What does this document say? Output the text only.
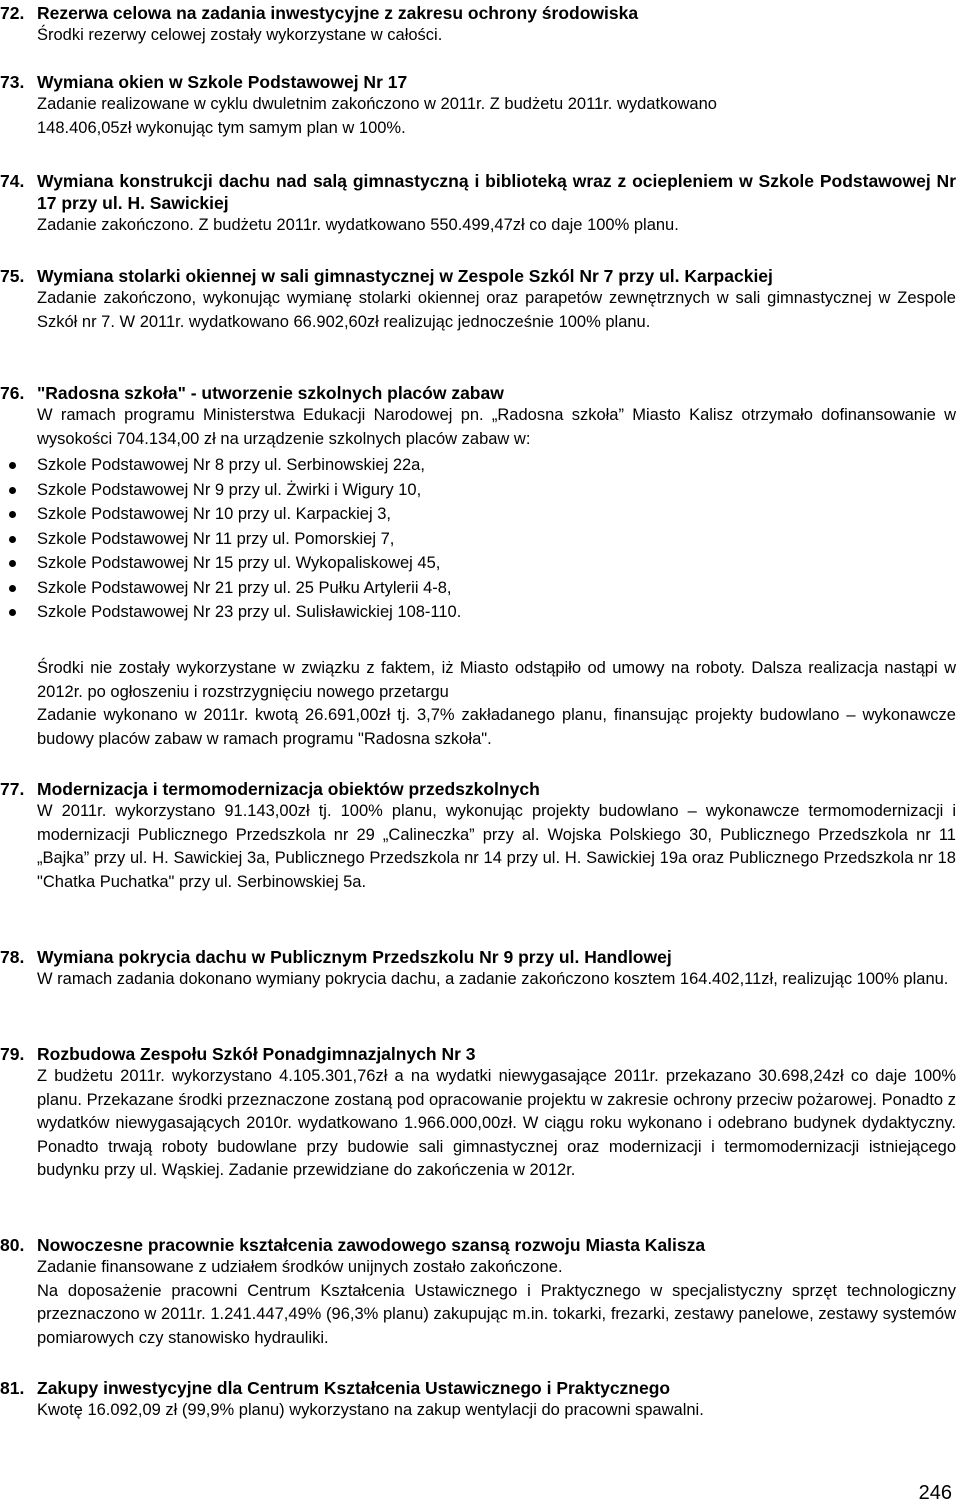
72. Rezerwa celowa na zadania inwestycyjne z zakresu ochrony środowiska
Środki rezerwy celowej zostały wykorzystane w całości.
73. Wymiana okien w Szkole Podstawowej Nr 17
Zadanie realizowane w cyklu dwuletnim zakończono w 2011r. Z budżetu 2011r. wydatkowano 148.406,05zł wykonując tym samym plan w 100%.
74. Wymiana konstrukcji dachu nad salą gimnastyczną i biblioteką wraz z ociepleniem w Szkole Podstawowej Nr 17 przy ul. H. Sawickiej
Zadanie zakończono. Z budżetu 2011r. wydatkowano 550.499,47zł co daje 100% planu.
75. Wymiana stolarki okiennej w sali gimnastycznej w Zespole Szkól Nr 7 przy ul. Karpackiej
Zadanie zakończono, wykonując wymianę stolarki okiennej oraz parapetów zewnętrznych w sali gimnastycznej w Zespole Szkół nr 7. W 2011r. wydatkowano 66.902,60zł realizując jednocześnie 100% planu.
76. "Radosna szkoła" - utworzenie szkolnych placów zabaw
W ramach programu Ministerstwa Edukacji Narodowej pn. „Radosna szkoła” Miasto Kalisz otrzymało dofinansowanie w wysokości 704.134,00 zł na urządzenie szkolnych placów zabaw w:
Szkole Podstawowej Nr 8 przy ul. Serbinowskiej 22a,
Szkole Podstawowej Nr 9 przy ul. Żwirki i Wigury 10,
Szkole Podstawowej Nr 10 przy ul. Karpackiej 3,
Szkole Podstawowej Nr 11 przy ul. Pomorskiej 7,
Szkole Podstawowej Nr 15 przy ul. Wykopaliskowej 45,
Szkole Podstawowej Nr 21 przy ul. 25 Pułku Artylerii 4-8,
Szkole Podstawowej Nr 23 przy ul. Sulisławickiej 108-110.
Środki nie zostały wykorzystane w związku z faktem, iż Miasto odstąpiło od umowy na roboty. Dalsza realizacja nastąpi w 2012r. po ogłoszeniu i rozstrzygnięciu nowego przetargu
Zadanie wykonano w 2011r. kwotą 26.691,00zł tj. 3,7% zakładanego planu, finansując projekty budowlano – wykonawcze budowy placów zabaw w ramach programu "Radosna szkoła".
77. Modernizacja i termomodernizacja obiektów przedszkolnych
W 2011r. wykorzystano 91.143,00zł tj. 100% planu, wykonując projekty budowlano – wykonawcze termomodernizacji i modernizacji Publicznego Przedszkola nr 29 „Calineczka” przy al. Wojska Polskiego 30, Publicznego Przedszkola nr 11 „Bajka” przy ul. H. Sawickiej 3a, Publicznego Przedszkola nr 14 przy ul. H. Sawickiej 19a oraz Publicznego Przedszkola nr 18 "Chatka Puchatka" przy ul. Serbinowskiej 5a.
78. Wymiana pokrycia dachu w Publicznym Przedszkolu Nr 9 przy ul. Handlowej
W ramach zadania dokonano wymiany pokrycia dachu, a zadanie zakończono kosztem 164.402,11zł, realizując 100% planu.
79. Rozbudowa Zespołu Szkół Ponadgimnazjalnych Nr 3
Z budżetu 2011r. wykorzystano 4.105.301,76zł a na wydatki niewygasające 2011r. przekazano 30.698,24zł co daje 100% planu. Przekazane środki przeznaczone zostaną pod opracowanie projektu w zakresie ochrony przeciw pożarowej. Ponadto z wydatków niewygasających 2010r. wydatkowano 1.966.000,00zł. W ciągu roku wykonano i odebrano budynek dydaktyczny. Ponadto trwają roboty budowlane przy budowie sali gimnastycznej oraz modernizacji i termomodernizacji istniejącego budynku przy ul. Wąskiej. Zadanie przewidziane do zakończenia w 2012r.
80. Nowoczesne pracownie kształcenia zawodowego szansą rozwoju Miasta Kalisza
Zadanie finansowane z udziałem środków unijnych zostało zakończone.
Na doposażenie pracowni Centrum Kształcenia Ustawicznego i Praktycznego w specjalistyczny sprzęt technologiczny przeznaczono w 2011r. 1.241.447,49% (96,3% planu) zakupując m.in. tokarki, frezarki, zestawy panelowe, zestawy systemów pomiarowych czy stanowisko hydrauliki.
81. Zakupy inwestycyjne dla Centrum Kształcenia Ustawicznego i Praktycznego
Kwotę 16.092,09 zł (99,9% planu) wykorzystano na zakup wentylacji do pracowni spawalni.
246
